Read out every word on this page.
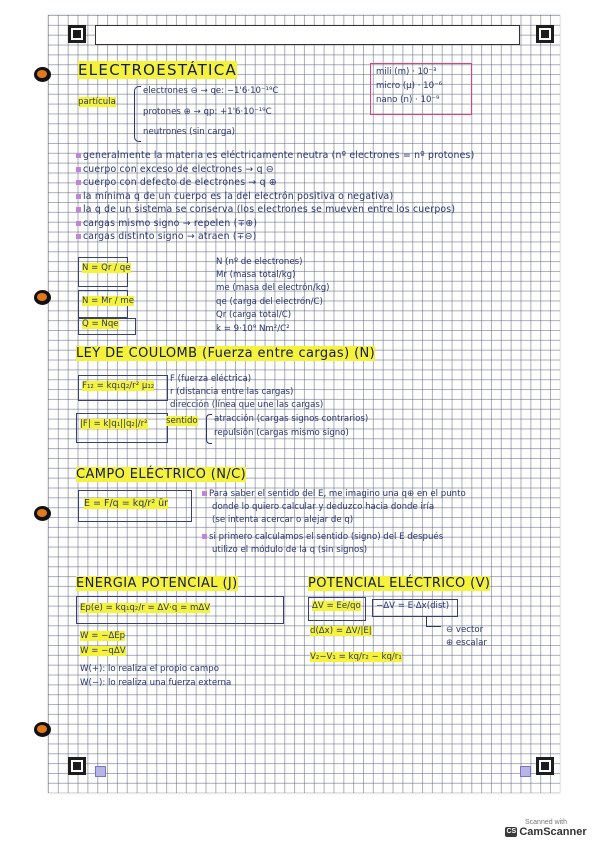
ELECTROESTÁTICA	mili (m) · 10⁻³
micro (µ) · 10⁻⁶
nano (n) · 10⁻⁹
partícula
electrones ⊖ → qe: −1'6·10⁻¹⁹C
protones ⊕ → qp: +1'6·10⁻¹⁹C
neutrones (sin carga)
generalmente la materia es eléctricamente neutra (nº electrones = nº protones)
cuerpo con exceso de electrones → q ⊖
cuerpo con defecto de electrones → q ⊕
la mínima q de un cuerpo es la del electrón positiva o negativa)
la q de un sistema se conserva (los electrones se mueven entre los cuerpos)
cargas mismo signo → repelen (∓⊕)
cargas distinto signo → atraen (∓⊖)
N = Qr / qe
N = Mr / me
Q = Nqe
N (nº de electrones)
Mr (masa total/kg)
me (masa del electrón/kg)
qe (carga del electrón/C)
Qr (carga total/C)
k = 9·10⁹ Nm²/C²
LEY DE COULOMB (Fuerza entre cargas) (N)
F₁₂ = kq₁q₂/r² µ₁₂
|F| = k|q₁||q₂|/r²
F (fuerza eléctrica)
r (distancia entre las cargas)
dirección (línea que une las cargas)
sentido atracción (cargas signos contrarios)
repulsión (cargas mismo signo)
CAMPO ELÉCTRICO (N/C)
E = F/q = kq/r² ūr
Para saber el sentido del E, me imagino una q⊕ en el punto
donde lo quiero calcular y deduzco hacia donde iría
(se intenta acercar o alejar de q)
si primero calculamos el sentido (signo) del E después
utilizo el módulo de la q (sin signos)
ENERGIA POTENCIAL (J)
Ep(e) = kq₁q₂/r = ΔV·q = mΔV
W = −ΔEp
W = −qΔV
W(+): lo realiza el propio campo
W(−): lo realiza una fuerza externa
POTENCIAL ELÉCTRICO (V)
ΔV = Ee/qo −ΔV = E·Δx(dist)
d(Δx) = ΔV/|E|	⊖ vector
⊕ escalar
V₂−V₁ = kq/r₂ − kq/r₁
Scanned with
CS CamScanner
